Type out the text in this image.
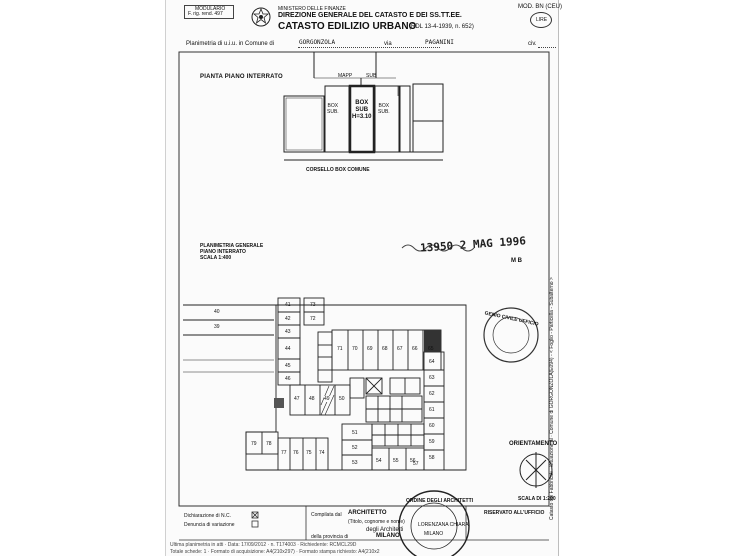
MODULARIO
F. rig. rend. 497
MINISTERO DELLE FINANZE
DIREZIONE GENERALE DEL CATASTO E DEI SS.TT.EE.
CATASTO EDILIZIO URBANO
(RDL 13-4-1939, n. 652)
MOD. BN (CEU)
LIRE
Planimetria di u.i.u. in Comune di	GORGONZOLA	via	PAGANINI	civ.
PIANTA PIANO INTERRATO	MAPP	SUB
BOX
SUB.
BOX
SUB
H=3.10
BOX
SUB.
CORSELLO BOX COMUNE
PLANIMETRIA GENERALE
PIANO INTERRATO
SCALA 1:400
13950 2 MAG 1996
M B
Catasto dei Fabbricati - Situazione al · Comune di GORGONZOLA(E094) - < Foglio - Particella - Subalterno >
GENIO CIVILE UFFICIO
40
39
41
42
43
44
45
46
73
72
71 70 69 68 67 66 65
64
63
62
61
60
59
58
57
79 78
77 76 75 74
47 48 49 50
51
52
53	54 55 56
ORIENTAMENTO
SCALA DI 1:200
Dichiarazione di N.C.
Denuncia di variazione
Compilata dal ARCHITETTO
(Titolo, cognome e nome)
degli Architetti
della provincia di	MILANO
RISERVATO ALL'UFFICIO
ORDINE DEGLI ARCHITETTI
LORENZANA CHIARA
MILANO
Ultima planimetria in atti · Data: 17/09/2012 · n. T174003 · Richiedente: RCMCL29D
Totale schede: 1 · Formato di acquisizione: A4(210x297) · Formato stampa richiesto: A4(210x2
